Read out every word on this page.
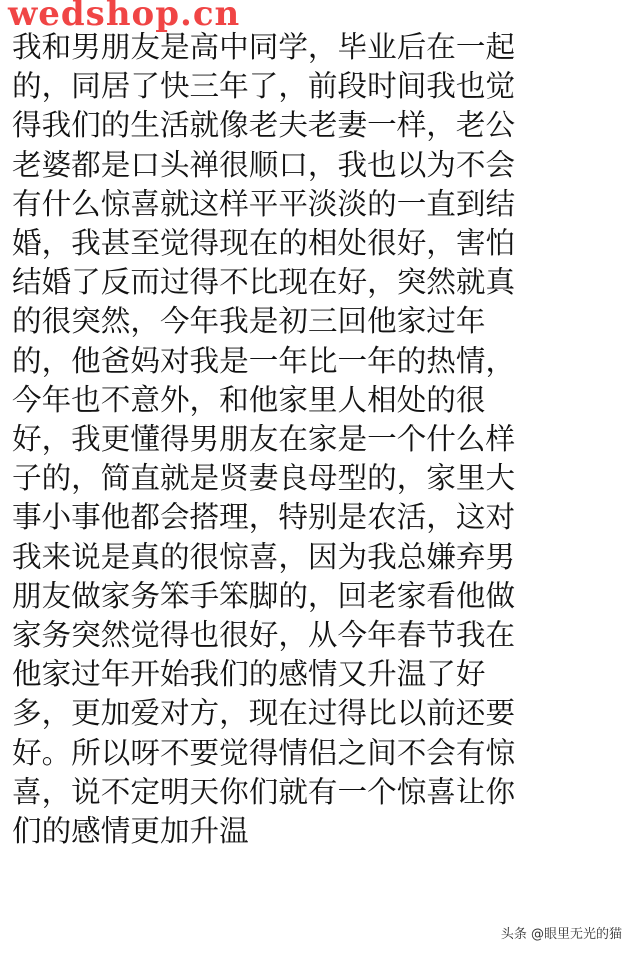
wedshop.cn
我和男朋友是高中同学，毕业后在一起
的，同居了快三年了，前段时间我也觉
得我们的生活就像老夫老妻一样，老公
老婆都是口头禅很顺口，我也以为不会
有什么惊喜就这样平平淡淡的一直到结
婚，我甚至觉得现在的相处很好，害怕
结婚了反而过得不比现在好，突然就真
的很突然，今年我是初三回他家过年
的，他爸妈对我是一年比一年的热情，
今年也不意外，和他家里人相处的很
好，我更懂得男朋友在家是一个什么样
子的，简直就是贤妻良母型的，家里大
事小事他都会搭理，特别是农活，这对
我来说是真的很惊喜，因为我总嫌弃男
朋友做家务笨手笨脚的，回老家看他做
家务突然觉得也很好，从今年春节我在
他家过年开始我们的感情又升温了好
多，更加爱对方，现在过得比以前还要
好。所以呀不要觉得情侣之间不会有惊
喜，说不定明天你们就有一个惊喜让你
们的感情更加升温
头条 @眼里无光的猫
